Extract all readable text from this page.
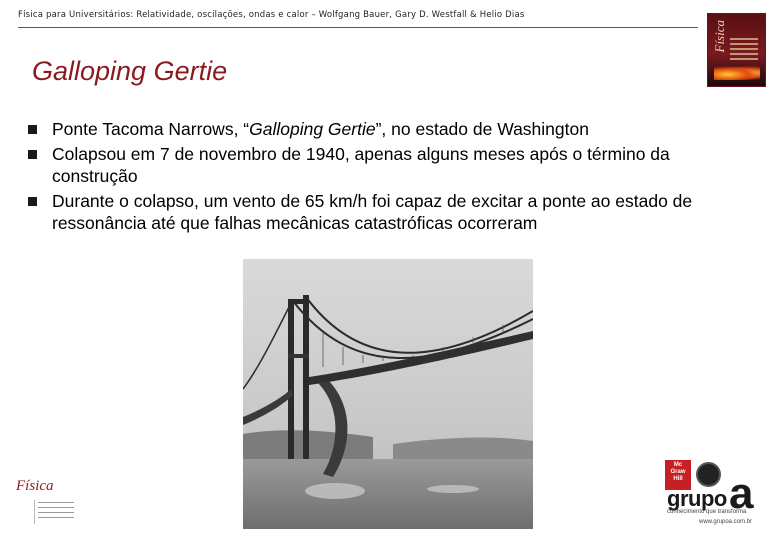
Física para Universitários: Relatividade, oscilações, ondas e calor – Wolfgang Bauer, Gary D. Westfall & Helio Dias
Física
Galloping Gertie
Ponte Tacoma Narrows, “Galloping Gertie”, no estado de Washington
Colapsou em 7 de novembro de 1940, apenas alguns meses após o término da construção
Durante o colapso, um vento de 65 km/h foi capaz de excitar a ponte ao estado de ressonância até que falhas mecânicas catastróficas ocorreram
Física

Mc
Graw
Hill a
grupo
conhecimento que transforma
www.grupoa.com.br
